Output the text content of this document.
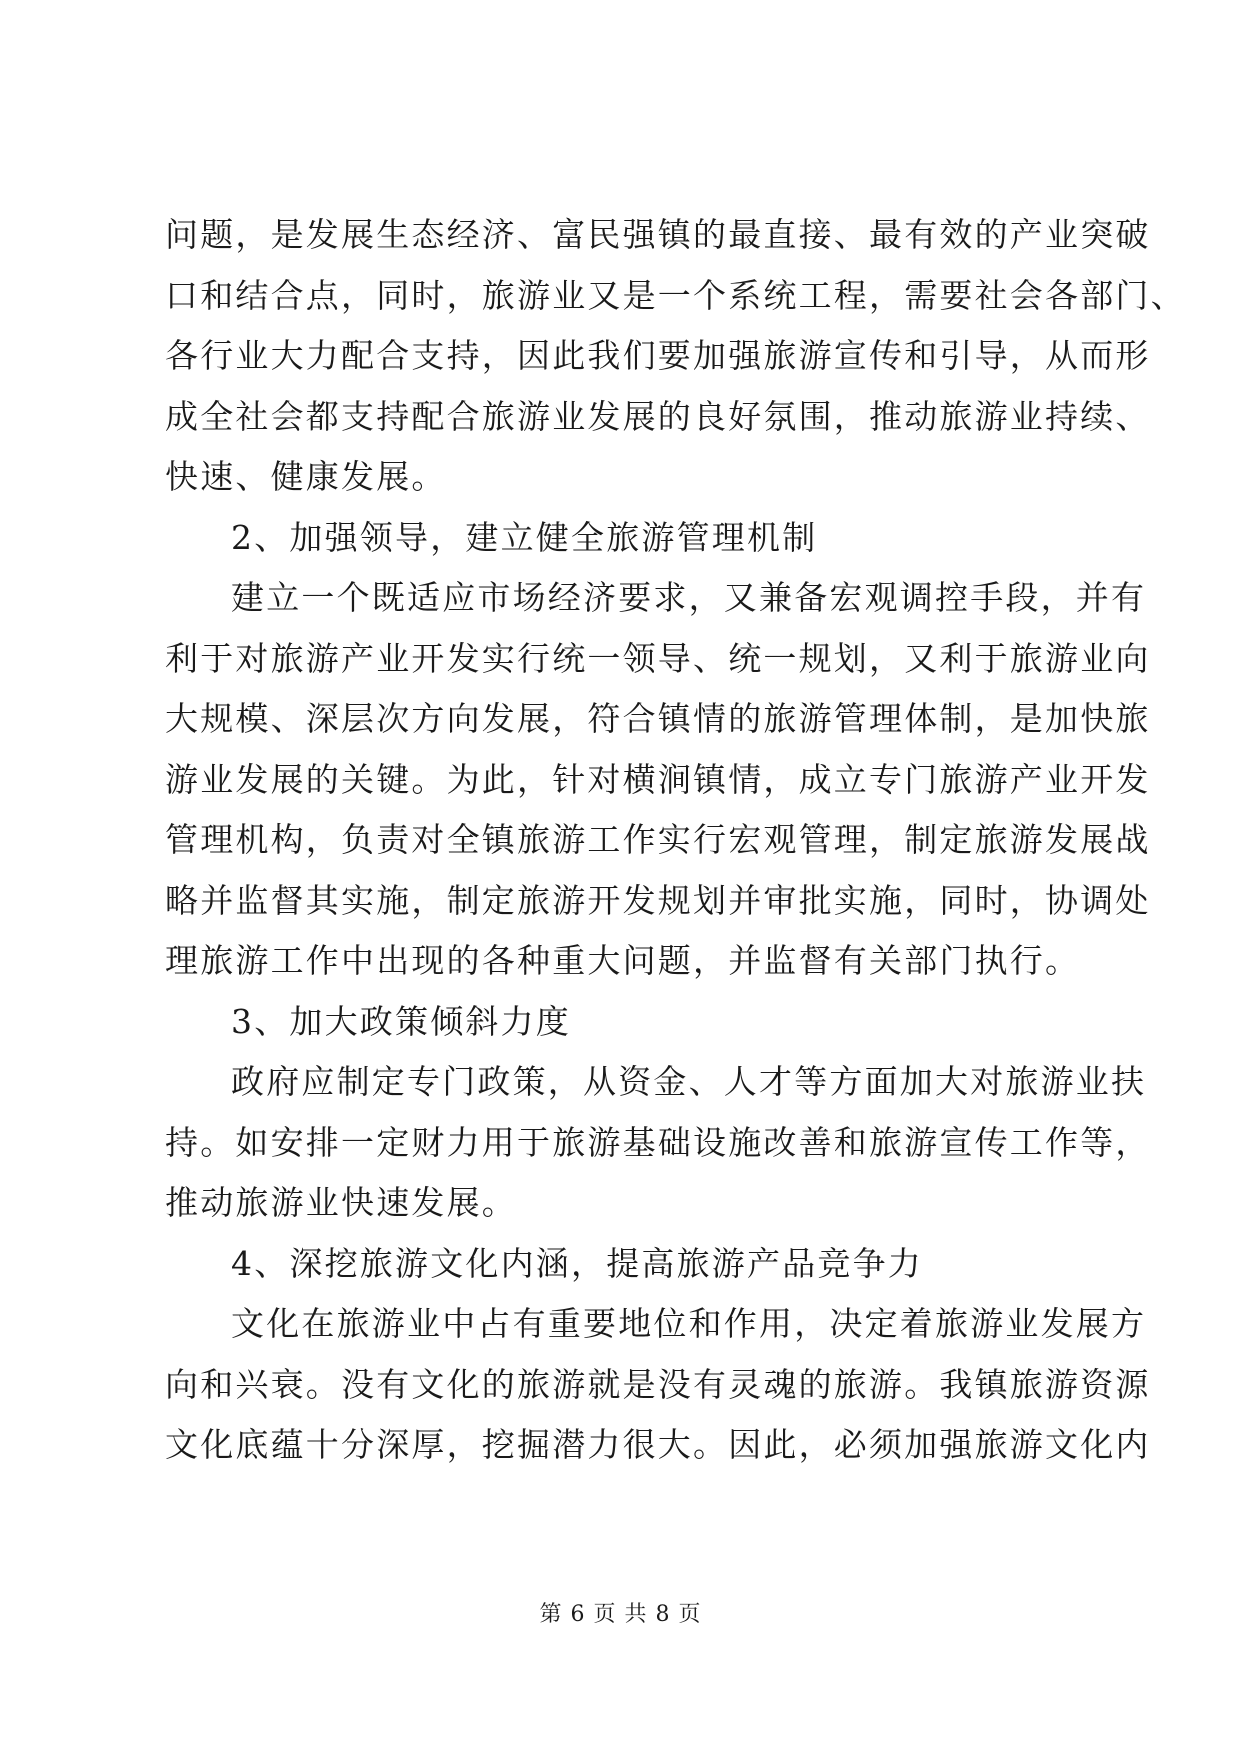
问题，是发展生态经济、富民强镇的最直接、最有效的产业突破
口和结合点，同时，旅游业又是一个系统工程，需要社会各部门、
各行业大力配合支持，因此我们要加强旅游宣传和引导，从而形
成全社会都支持配合旅游业发展的良好氛围，推动旅游业持续、
快速、健康发展。
2、加强领导，建立健全旅游管理机制
建立一个既适应市场经济要求，又兼备宏观调控手段，并有
利于对旅游产业开发实行统一领导、统一规划，又利于旅游业向
大规模、深层次方向发展，符合镇情的旅游管理体制，是加快旅
游业发展的关键。为此，针对横涧镇情，成立专门旅游产业开发
管理机构，负责对全镇旅游工作实行宏观管理，制定旅游发展战
略并监督其实施，制定旅游开发规划并审批实施，同时，协调处
理旅游工作中出现的各种重大问题，并监督有关部门执行。
3、加大政策倾斜力度
政府应制定专门政策，从资金、人才等方面加大对旅游业扶
持。如安排一定财力用于旅游基础设施改善和旅游宣传工作等，
推动旅游业快速发展。
4、深挖旅游文化内涵，提高旅游产品竞争力
文化在旅游业中占有重要地位和作用，决定着旅游业发展方
向和兴衰。没有文化的旅游就是没有灵魂的旅游。我镇旅游资源
文化底蕴十分深厚，挖掘潜力很大。因此，必须加强旅游文化内
第 6 页 共 8 页
